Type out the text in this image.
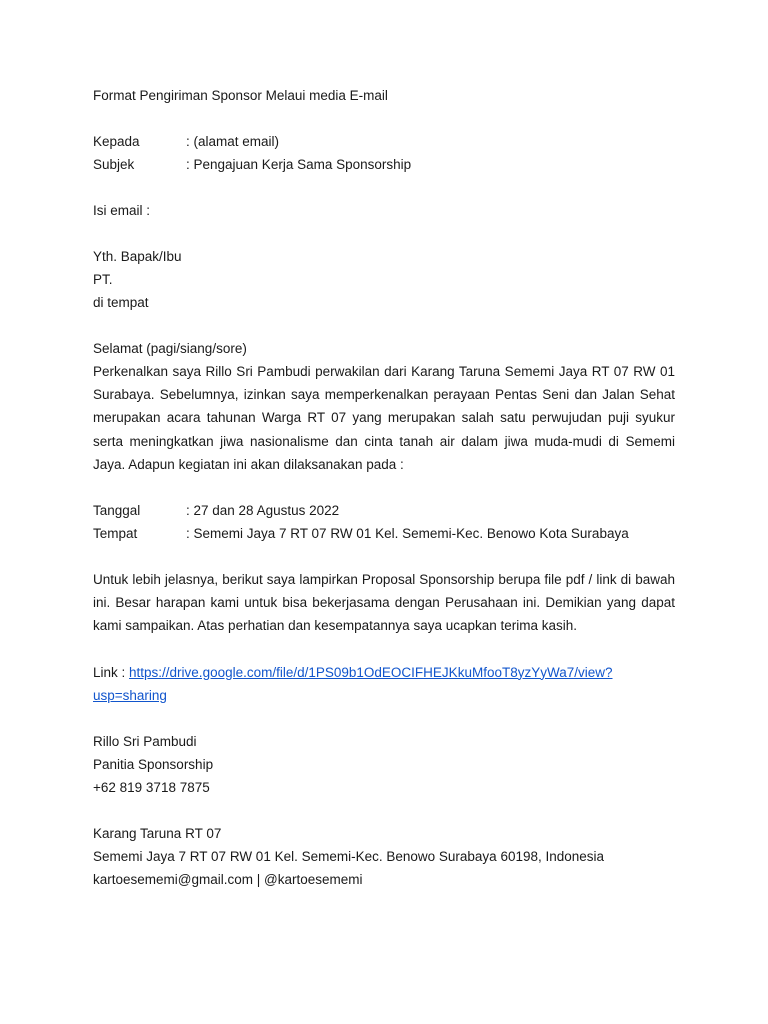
Format Pengiriman Sponsor Melaui media E-mail
Kepada	: (alamat email)
Subjek	: Pengajuan Kerja Sama Sponsorship
Isi email :
Yth. Bapak/Ibu
PT.
di tempat
Selamat (pagi/siang/sore)

Perkenalkan saya Rillo Sri Pambudi perwakilan dari Karang Taruna Sememi Jaya RT 07 RW 01 Surabaya. Sebelumnya, izinkan saya memperkenalkan perayaan Pentas Seni dan Jalan Sehat merupakan acara tahunan Warga RT 07 yang merupakan salah satu perwujudan puji syukur serta meningkatkan jiwa nasionalisme dan cinta tanah air dalam jiwa muda-mudi di Sememi Jaya. Adapun kegiatan ini akan dilaksanakan pada :

Tanggal	: 27 dan 28 Agustus 2022
Tempat	: Sememi Jaya 7 RT 07 RW 01 Kel. Sememi-Kec. Benowo Kota Surabaya

Untuk lebih jelasnya, berikut saya lampirkan Proposal Sponsorship berupa file pdf / link di bawah ini. Besar harapan kami untuk bisa bekerjasama dengan Perusahaan ini. Demikian yang dapat kami sampaikan. Atas perhatian dan kesempatannya saya ucapkan terima kasih.

Link : https://drive.google.com/file/d/1PS09b1OdEOCIFHEJKkuMfooT8yzYyWa7/view?
usp=sharing
Rillo Sri Pambudi
Panitia Sponsorship
+62 819 3718 7875
Karang Taruna RT 07
Sememi Jaya 7 RT 07 RW 01 Kel. Sememi-Kec. Benowo Surabaya 60198, Indonesia
kartoesememi@gmail.com | @kartoesememi
